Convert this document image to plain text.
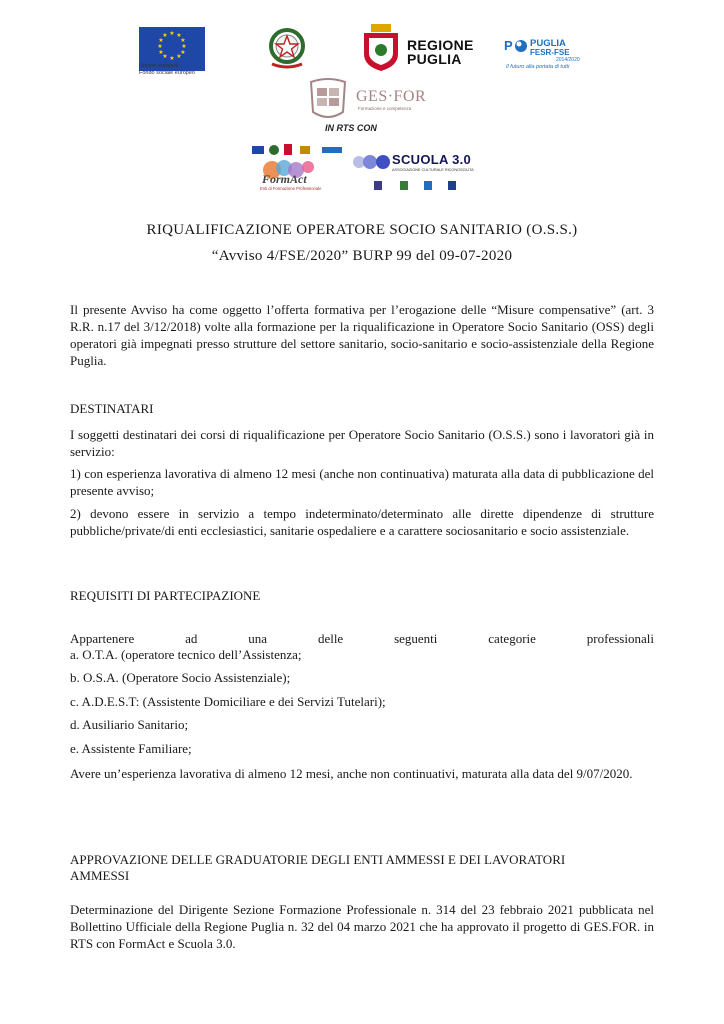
★ ★
★
★
★
★
★
★
★
★
★
★
Unione europea
Fondo sociale europeo
REGIONE
PUGLIA
P PUGLIA
FESR-FSE
2014/2020
Il futuro alla portata di tutti
GES·FOR
Formazione e competenza
IN RTS CON
FormAct
Enti di Formazione Professionale
SCUOLA 3.0
ASSOCIAZIONE CULTURALE RICONOSCIUTA
RIQUALIFICAZIONE OPERATORE SOCIO SANITARIO (O.S.S.)
“Avviso 4/FSE/2020” BURP 99 del 09-07-2020
Il presente Avviso ha come oggetto l’offerta formativa per l’erogazione delle “Misure compensative” (art. 3 R.R. n.17 del 3/12/2018) volte alla formazione per la riqualificazione in Operatore Socio Sanitario (OSS) degli operatori già impegnati presso strutture del settore sanitario, socio-sanitario e socio-assistenziale della Regione Puglia.
DESTINATARI
I soggetti destinatari dei corsi di riqualificazione per Operatore Socio Sanitario (O.S.S.) sono i lavoratori già in servizio:
1) con esperienza lavorativa di almeno 12 mesi (anche non continuativa) maturata alla data di pubblicazione del presente avviso;
2) devono essere in servizio a tempo indeterminato/determinato alle dirette dipendenze di strutture pubbliche/private/di enti ecclesiastici, sanitarie ospedaliere e a carattere sociosanitario e socio assistenziale.
REQUISITI DI PARTECIPAZIONE
Appartenere	ad	una	delle	seguenti	categorie	professionali
a. O.T.A. (operatore tecnico dell’Assistenza;
b. O.S.A. (Operatore Socio Assistenziale);
c. A.D.E.S.T: (Assistente Domiciliare e dei Servizi Tutelari);
d. Ausiliario Sanitario;
e. Assistente Familiare;
Avere un’esperienza lavorativa di almeno 12 mesi, anche non continuativi, maturata alla data del 9/07/2020.
APPROVAZIONE DELLE GRADUATORIE DEGLI ENTI AMMESSI E DEI LAVORATORI
AMMESSI
Determinazione del Dirigente Sezione Formazione Professionale n. 314 del 23 febbraio 2021 pubblicata nel Bollettino Ufficiale della Regione Puglia n. 32 del 04 marzo 2021 che ha approvato il progetto di GES.FOR. in RTS con FormAct e Scuola 3.0.
